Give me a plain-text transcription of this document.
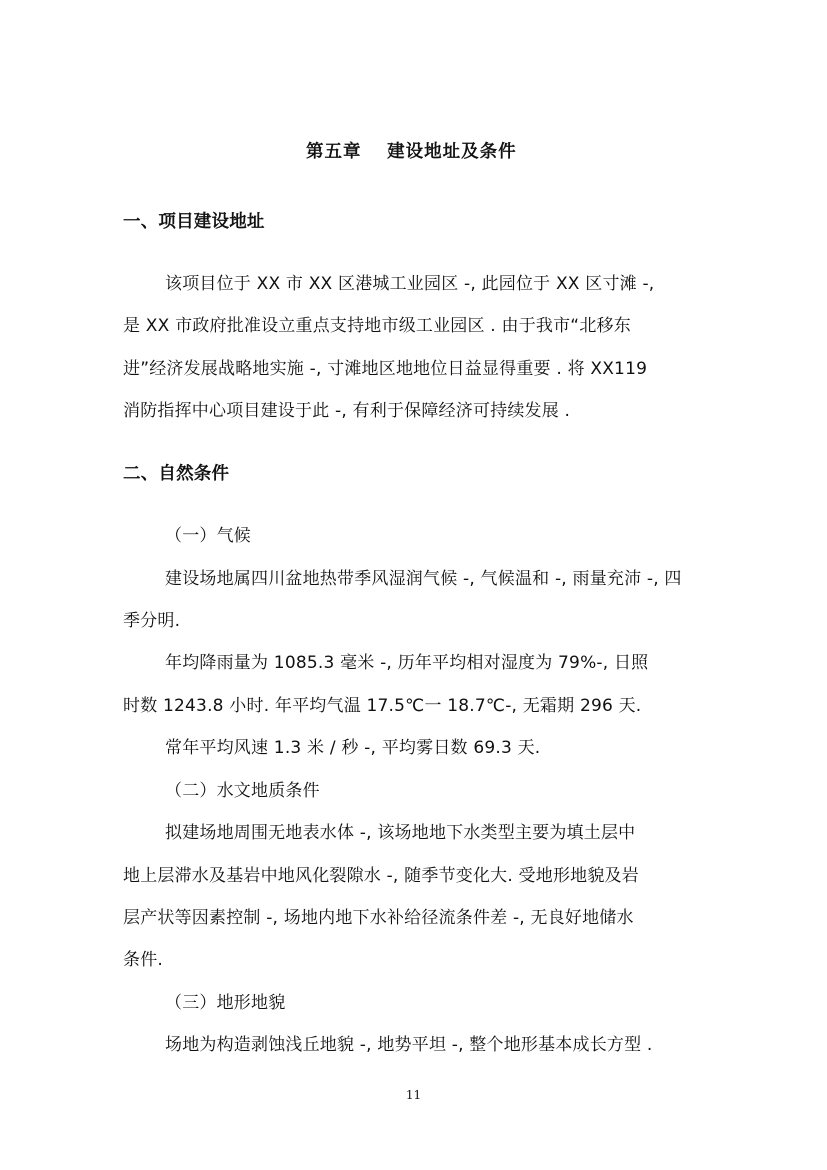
第五章　 建设地址及条件
一、项目建设地址
该项目位于 XX 市 XX 区港城工业园区 -, 此园位于 XX 区寸滩 -,
是 XX 市政府批准设立重点支持地市级工业园区 . 由于我市“北移东
进”经济发展战略地实施 -, 寸滩地区地地位日益显得重要 . 将 XX119
消防指挥中心项目建设于此 -, 有利于保障经济可持续发展 .
二、自然条件
（一）气候
建设场地属四川盆地热带季风湿润气候 -, 气候温和 -, 雨量充沛 -, 四
季分明.
年均降雨量为 1085.3 毫米 -, 历年平均相对湿度为 79%-, 日照
时数 1243.8 小时. 年平均气温 17.5℃一 18.7℃-, 无霜期 296 天.
常年平均风速 1.3 米 / 秒 -, 平均雾日数 69.3 天.
（二）水文地质条件
拟建场地周围无地表水体 -, 该场地地下水类型主要为填土层中
地上层滞水及基岩中地风化裂隙水 -, 随季节变化大. 受地形地貌及岩
层产状等因素控制 -, 场地内地下水补给径流条件差 -, 无良好地储水
条件.
（三）地形地貌
场地为构造剥蚀浅丘地貌 -, 地势平坦 -, 整个地形基本成长方型 .
11
